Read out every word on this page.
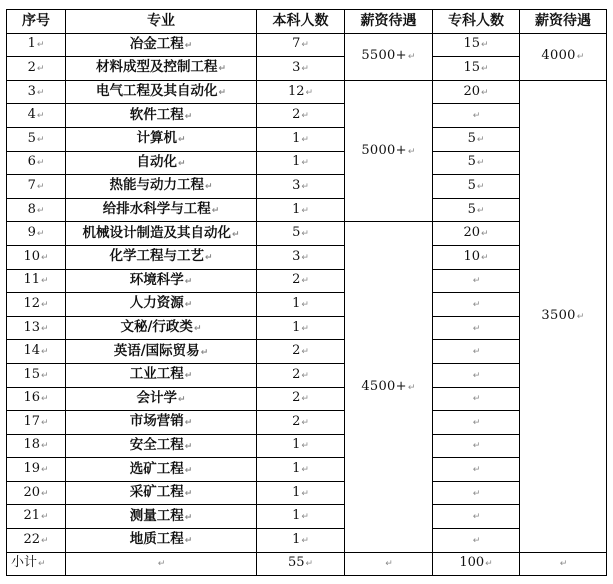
序号	专业	本科人数	薪资待遇	专科人数	薪资待遇
1↵	冶金工程↵	7↵	5500+↵	15↵	4000↵
2↵	材料成型及控制工程↵	3↵		15↵	
3↵	电气工程及其自动化↵	12↵	5000+↵	20↵	3500↵
4↵	软件工程↵	2↵		↵	
5↵	计算机↵	1↵		5↵	
6↵	自动化↵	1↵		5↵	
7↵	热能与动力工程↵	3↵		5↵	
8↵	给排水科学与工程↵	1↵		5↵	
9↵	机械设计制造及其自动化↵	5↵	4500+↵	20↵	
10↵	化学工程与工艺↵	3↵		10↵	
11↵	环境科学↵	2↵		↵	
12↵	人力资源↵	1↵		↵	
13↵	文秘/行政类↵	1↵		↵	
14↵	英语/国际贸易↵	2↵		↵	
15↵	工业工程↵	2↵		↵	
16↵	会计学↵	2↵		↵	
17↵	市场营销↵	2↵		↵	
18↵	安全工程↵	1↵		↵	
19↵	选矿工程↵	1↵		↵	
20↵	采矿工程↵	1↵		↵	
21↵	测量工程↵	1↵		↵	
22↵	地质工程↵	1↵		↵	
小计↵	↵	55↵	↵	100↵	↵
